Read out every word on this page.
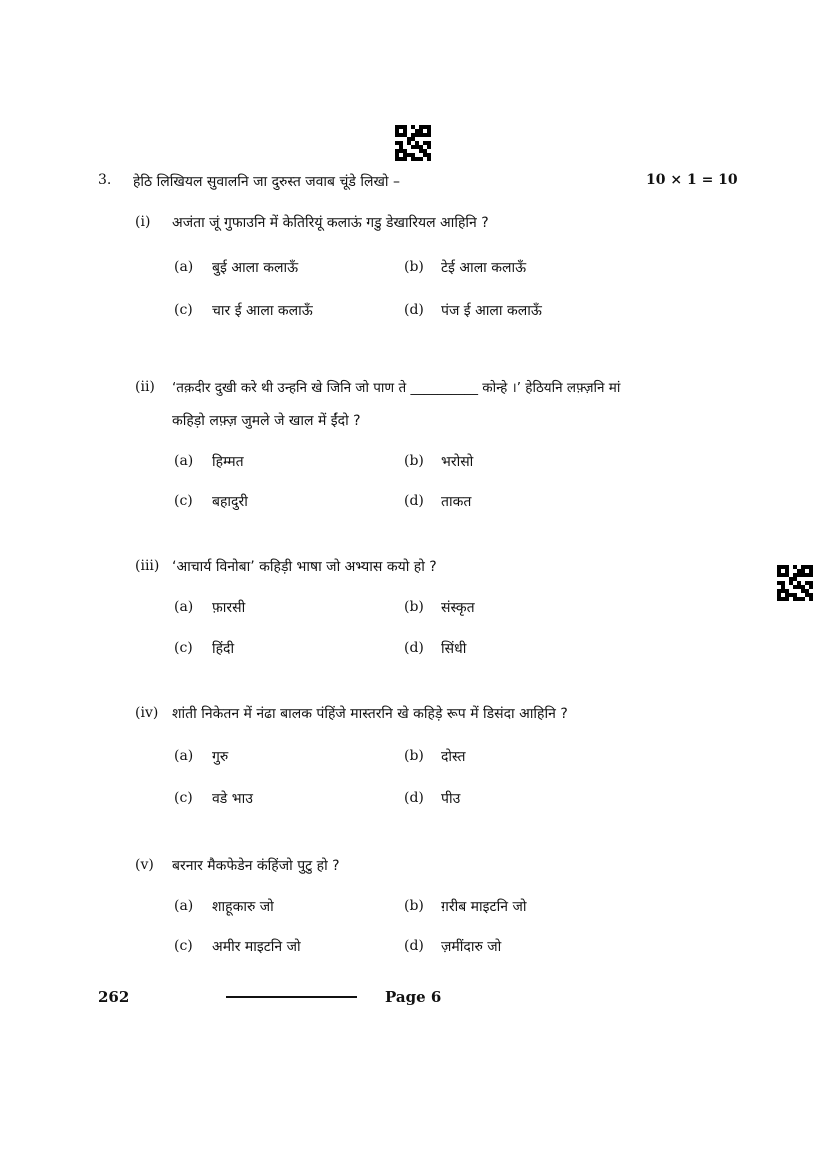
3. हेठि लिखियल सुवालनि जा दुरुस्त जवाब चूंडे लिखो –	10 × 1 = 10
(i) अजंता जूं गुफाउनि में केतिरियूं कलाऊं गडु डेखारियल आहिनि ?
(a) बुई आला कलाऊँ	(b) टेई आला कलाऊँ
(c) चार ई आला कलाऊँ	(d) पंज ई आला कलाऊँ
(ii) ‘तक़दीर दुखी करे थी उन्हनि खे जिनि जो पाण ते __________ कोन्हे ।’ हेठियनि लफ़्ज़नि मां
कहिड़ो लफ़्ज़ जुमले जे खाल में ईंदो ?
(a) हिम्मत	(b) भरोसो
(c) बहादुरी	(d) ताकत
(iii) ‘आचार्य विनोबा’ कहिड़ी भाषा जो अभ्यास कयो हो ?
(a) फ़ारसी	(b) संस्कृत
(c) हिंदी	(d) सिंधी
(iv) शांती निकेतन में नंढा बालक पंहिंजे मास्तरनि खे कहिड़े रूप में डिसंदा आहिनि ?
(a) गुरु	(b) दोस्त
(c) वडे भाउ	(d) पीउ
(v) बरनार मैकफेडेन कंहिंजो पुटु हो ?
(a) शाहूकारु जो	(b) ग़रीब माइटनि जो
(c) अमीर माइटनि जो	(d) ज़मींदारु जो
262	Page 6
